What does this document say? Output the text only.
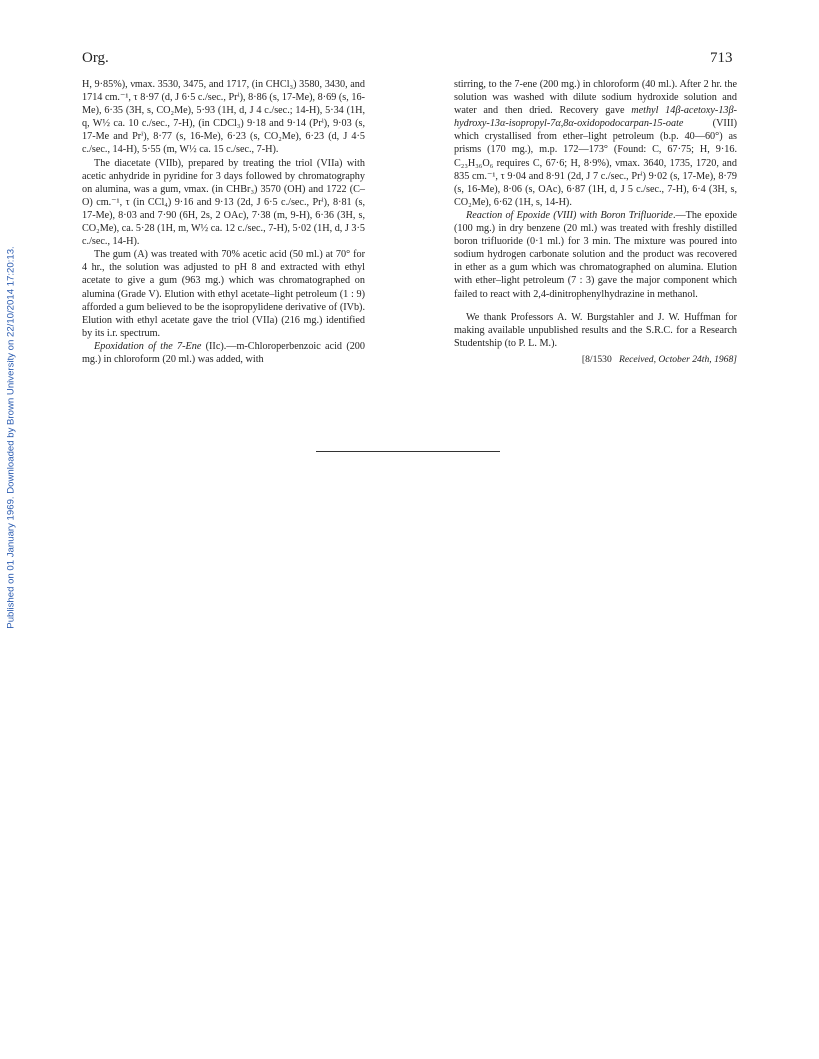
Published on 01 January 1969. Downloaded by Brown University on 22/10/2014 17:20:13.
Org.	713

H, 9·85%), νmax. 3530, 3475, and 1717, (in CHCl₃) 3580, 3430, and 1714 cm.⁻¹, τ 8·97 (d, J 6·5 c./sec., Prⁱ), 8·86 (s, 17-Me), 8·69 (s, 16-Me), 6·35 (3H, s, CO₂Me), 5·93 (1H, d, J 4 c./sec.; 14-H), 5·34 (1H, q, W½ ca. 10 c./sec., 7-H), (in CDCl₃) 9·18 and 9·14 (Prⁱ), 9·03 (s, 17-Me and Prⁱ), 8·77 (s, 16-Me), 6·23 (s, CO₂Me), 6·23 (d, J 4·5 c./sec., 14-H), 5·55 (m, W½ ca. 15 c./sec., 7-H).

The diacetate (VIIb), prepared by treating the triol (VIIa) with acetic anhydride in pyridine for 3 days followed by chromatography on alumina, was a gum, νmax. (in CHBr₃) 3570 (OH) and 1722 (C–O) cm.⁻¹, τ (in CCl₄) 9·16 and 9·13 (2d, J 6·5 c./sec., Prⁱ), 8·81 (s, 17-Me), 8·03 and 7·90 (6H, 2s, 2 OAc), 7·38 (m, 9-H), 6·36 (3H, s, CO₂Me), ca. 5·28 (1H, m, W½ ca. 12 c./sec., 7-H), 5·02 (1H, d, J 3·5 c./sec., 14-H).

The gum (A) was treated with 70% acetic acid (50 ml.) at 70° for 4 hr., the solution was adjusted to pH 8 and extracted with ethyl acetate to give a gum (963 mg.) which was chromatographed on alumina (Grade V). Elution with ethyl acetate–light petroleum (1 : 9) afforded a gum believed to be the isopropylidene derivative of (IVb). Elution with ethyl acetate gave the triol (VIIa) (216 mg.) identified by its i.r. spectrum.

Epoxidation of the 7-Ene (IIc).—m-Chloroperbenzoic acid (200 mg.) in chloroform (20 ml.) was added, with

stirring, to the 7-ene (200 mg.) in chloroform (40 ml.). After 2 hr. the solution was washed with dilute sodium hydroxide solution and water and then dried. Recovery gave methyl 14β-acetoxy-13β-hydroxy-13α-isopropyl-7α,8α-oxidopodocarpan-15-oate (VIII) which crystallised from ether–light petroleum (b.p. 40—60°) as prisms (170 mg.), m.p. 172—173° (Found: C, 67·75; H, 9·16. C₂₃H₃₆O₆ requires C, 67·6; H, 8·9%), νmax. 3640, 1735, 1720, and 835 cm.⁻¹, τ 9·04 and 8·91 (2d, J 7 c./sec., Prⁱ) 9·02 (s, 17-Me), 8·79 (s, 16-Me), 8·06 (s, OAc), 6·87 (1H, d, J 5 c./sec., 7-H), 6·4 (3H, s, CO₂Me), 6·62 (1H, s, 14-H).

Reaction of Epoxide (VIII) with Boron Trifluoride.—The epoxide (100 mg.) in dry benzene (20 ml.) was treated with freshly distilled boron trifluoride (0·1 ml.) for 3 min. The mixture was poured into sodium hydrogen carbonate solution and the product was recovered in ether as a gum which was chromatographed on alumina. Elution with ether–light petroleum (7 : 3) gave the major component which failed to react with 2,4-dinitrophenylhydrazine in methanol.

We thank Professors A. W. Burgstahler and J. W. Huffman for making available unpublished results and the S.R.C. for a Research Studentship (to P. L. M.).

[8/1530 Received, October 24th, 1968]
